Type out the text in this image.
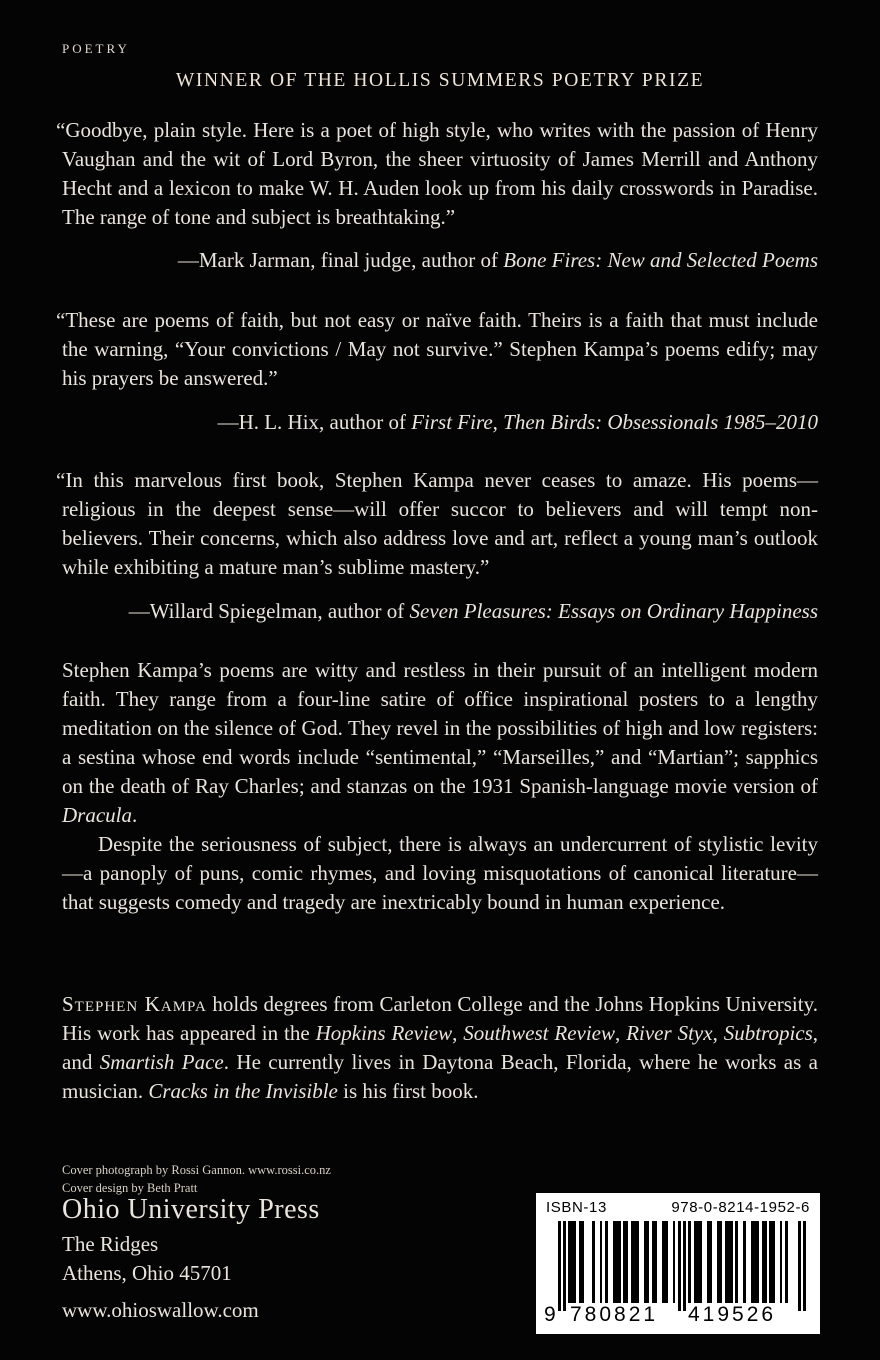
POETRY
WINNER OF THE HOLLIS SUMMERS POETRY PRIZE
“Goodbye, plain style. Here is a poet of high style, who writes with the passion of Henry Vaughan and the wit of Lord Byron, the sheer virtuosity of James Merrill and Anthony Hecht and a lexicon to make W. H. Auden look up from his daily crosswords in Paradise. The range of tone and subject is breathtaking.”
—Mark Jarman, final judge, author of Bone Fires: New and Selected Poems
“These are poems of faith, but not easy or naïve faith. Theirs is a faith that must include the warning, “Your convictions / May not survive.” Stephen Kampa’s poems edify; may his prayers be answered.”
—H. L. Hix, author of First Fire, Then Birds: Obsessionals 1985–2010
“In this marvelous first book, Stephen Kampa never ceases to amaze. His poems—religious in the deepest sense—will offer succor to believers and will tempt non-believers. Their concerns, which also address love and art, reflect a young man’s outlook while exhibiting a mature man’s sublime mastery.”
—Willard Spiegelman, author of Seven Pleasures: Essays on Ordinary Happiness

Stephen Kampa’s poems are witty and restless in their pursuit of an intelligent modern faith. They range from a four-line satire of office inspirational posters to a lengthy meditation on the silence of God. They revel in the possibilities of high and low registers: a sestina whose end words include “sentimental,” “Marseilles,” and “Martian”; sapphics on the death of Ray Charles; and stanzas on the 1931 Spanish-language movie version of Dracula.

Despite the seriousness of subject, there is always an undercurrent of stylistic levity—a panoply of puns, comic rhymes, and loving misquotations of canonical literature—that suggests comedy and tragedy are inextricably bound in human experience.

Stephen Kampa holds degrees from Carleton College and the Johns Hopkins University. His work has appeared in the Hopkins Review, Southwest Review, River Styx, Subtropics, and Smartish Pace. He currently lives in Daytona Beach, Florida, where he works as a musician. Cracks in the Invisible is his first book.
Cover photograph by Rossi Gannon. www.rossi.co.nz
Cover design by Beth Pratt
Ohio University Press
The Ridges
Athens, Ohio 45701
www.ohioswallow.com
ISBN-13	978-0-8214-1952-6
9 780821 419526
